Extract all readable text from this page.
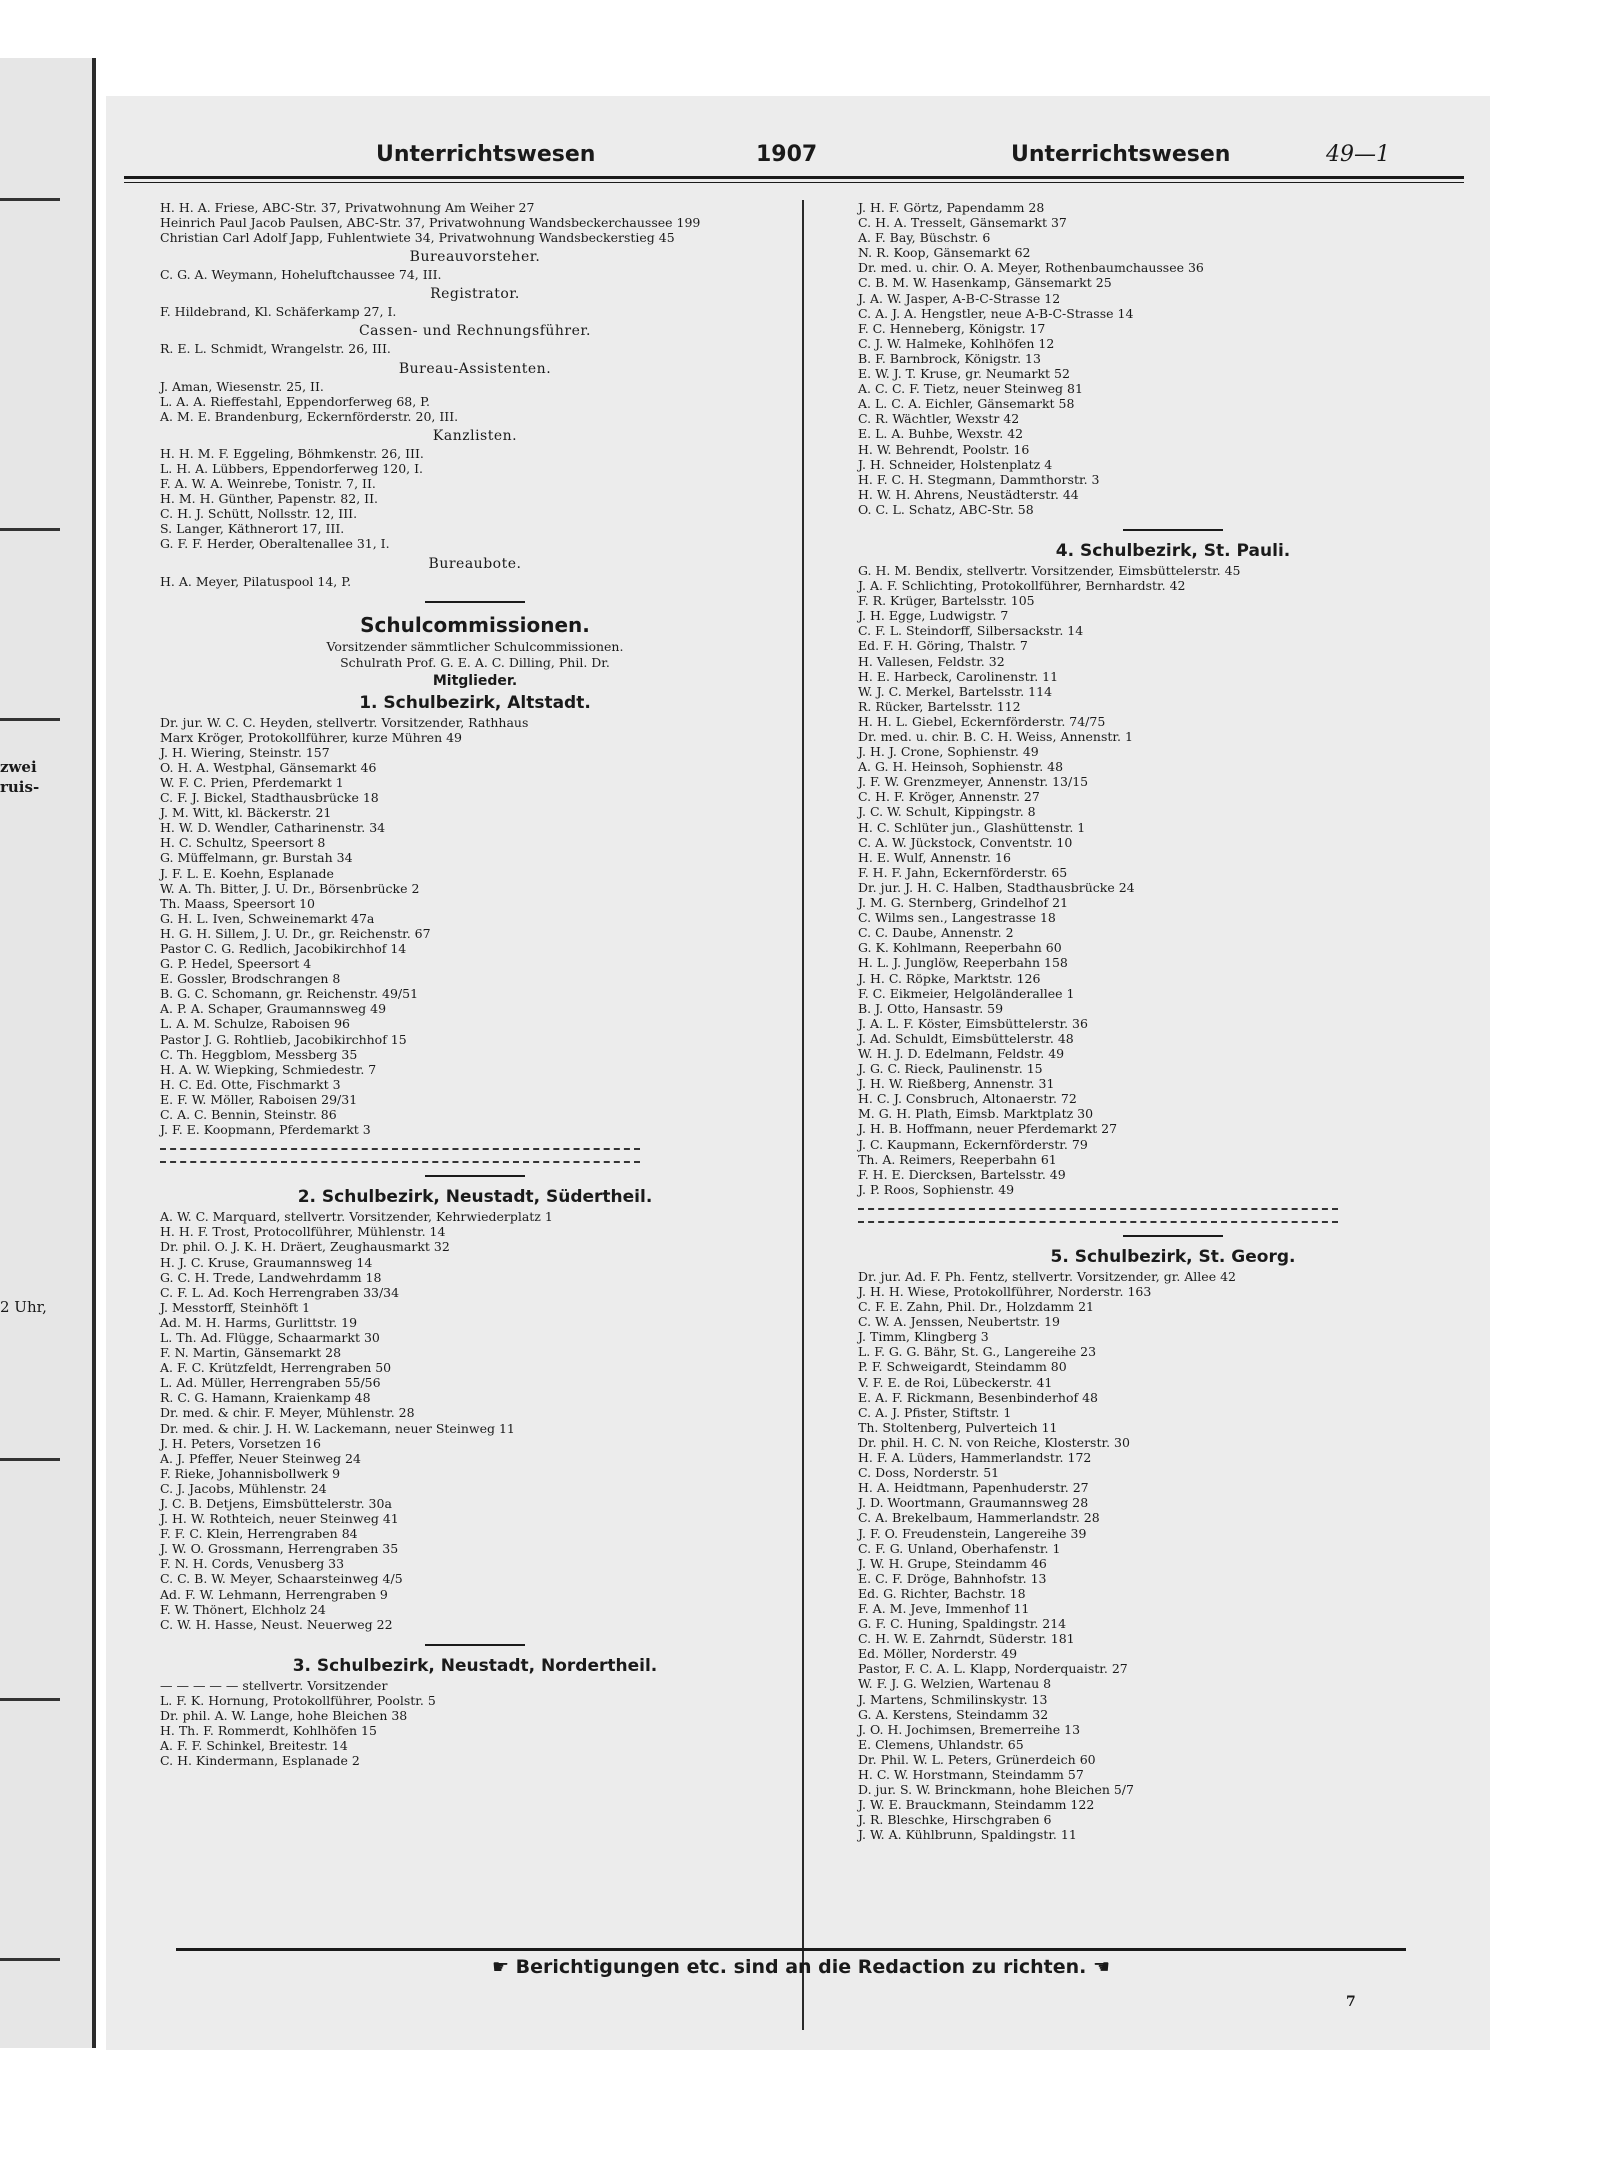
zwei
ruis-
2 Uhr,
Unterrichtswesen	1907	Unterrichtswesen	49—1

H. H. A. Friese, ABC-Str. 37, Privatwohnung Am Weiher 27

Heinrich Paul Jacob Paulsen, ABC-Str. 37, Privatwohnung Wandsbeckerchaussee 199

Christian Carl Adolf Japp, Fuhlentwiete 34, Privatwohnung Wandsbeckerstieg 45

Bureauvorsteher.

C. G. A. Weymann, Hoheluftchaussee 74, III.

Registrator.

F. Hildebrand, Kl. Schäferkamp 27, I.

Cassen- und Rechnungsführer.

R. E. L. Schmidt, Wrangelstr. 26, III.

Bureau-Assistenten.

J. Aman, Wiesenstr. 25, II.

L. A. A. Rieffestahl, Eppendorferweg 68, P.

A. M. E. Brandenburg, Eckernförderstr. 20, III.

Kanzlisten.

H. H. M. F. Eggeling, Böhmkenstr. 26, III.

L. H. A. Lübbers, Eppendorferweg 120, I.

F. A. W. A. Weinrebe, Tonistr. 7, II.

H. M. H. Günther, Papenstr. 82, II.

C. H. J. Schütt, Nollsstr. 12, III.

S. Langer, Käthnerort 17, III.

G. F. F. Herder, Oberaltenallee 31, I.

Bureaubote.

H. A. Meyer, Pilatuspool 14, P.

Schulcommissionen.
Vorsitzender sämmtlicher Schulcommissionen.
Schulrath Prof. G. E. A. C. Dilling, Phil. Dr.
Mitglieder.
1. Schulbezirk, Altstadt.

Dr. jur. W. C. C. Heyden, stellvertr. Vorsitzender, Rathhaus

Marx Kröger, Protokollführer, kurze Mühren 49

J. H. Wiering, Steinstr. 157

O. H. A. Westphal, Gänsemarkt 46

W. F. C. Prien, Pferdemarkt 1

C. F. J. Bickel, Stadthausbrücke 18

J. M. Witt, kl. Bäckerstr. 21

H. W. D. Wendler, Catharinenstr. 34

H. C. Schultz, Speersort 8

G. Müffelmann, gr. Burstah 34

J. F. L. E. Koehn, Esplanade

W. A. Th. Bitter, J. U. Dr., Börsenbrücke 2

Th. Maass, Speersort 10

G. H. L. Iven, Schweinemarkt 47a

H. G. H. Sillem, J. U. Dr., gr. Reichenstr. 67

Pastor C. G. Redlich, Jacobikirchhof 14

G. P. Hedel, Speersort 4

E. Gossler, Brodschrangen 8

B. G. C. Schomann, gr. Reichenstr. 49/51

A. P. A. Schaper, Graumannsweg 49

L. A. M. Schulze, Raboisen 96

Pastor J. G. Rohtlieb, Jacobikirchhof 15

C. Th. Heggblom, Messberg 35

H. A. W. Wiepking, Schmiedestr. 7

H. C. Ed. Otte, Fischmarkt 3

E. F. W. Möller, Raboisen 29/31

C. A. C. Bennin, Steinstr. 86

J. F. E. Koopmann, Pferdemarkt 3

2. Schulbezirk, Neustadt, Südertheil.

A. W. C. Marquard, stellvertr. Vorsitzender, Kehrwiederplatz 1

H. H. F. Trost, Protocollführer, Mühlenstr. 14

Dr. phil. O. J. K. H. Dräert, Zeughausmarkt 32

H. J. C. Kruse, Graumannsweg 14

G. C. H. Trede, Landwehrdamm 18

C. F. L. Ad. Koch Herrengraben 33/34

J. Messtorff, Steinhöft 1

Ad. M. H. Harms, Gurlittstr. 19

L. Th. Ad. Flügge, Schaarmarkt 30

F. N. Martin, Gänsemarkt 28

A. F. C. Krützfeldt, Herrengraben 50

L. Ad. Müller, Herrengraben 55/56

R. C. G. Hamann, Kraienkamp 48

Dr. med. & chir. F. Meyer, Mühlenstr. 28

Dr. med. & chir. J. H. W. Lackemann, neuer Steinweg 11

J. H. Peters, Vorsetzen 16

A. J. Pfeffer, Neuer Steinweg 24

F. Rieke, Johannisbollwerk 9

C. J. Jacobs, Mühlenstr. 24

J. C. B. Detjens, Eimsbüttelerstr. 30a

J. H. W. Rothteich, neuer Steinweg 41

F. F. C. Klein, Herrengraben 84

J. W. O. Grossmann, Herrengraben 35

F. N. H. Cords, Venusberg 33

C. C. B. W. Meyer, Schaarsteinweg 4/5

Ad. F. W. Lehmann, Herrengraben 9

F. W. Thönert, Elchholz 24

C. W. H. Hasse, Neust. Neuerweg 22

3. Schulbezirk, Neustadt, Nordertheil.

— — — — — stellvertr. Vorsitzender

L. F. K. Hornung, Protokollführer, Poolstr. 5

Dr. phil. A. W. Lange, hohe Bleichen 38

H. Th. F. Rommerdt, Kohlhöfen 15

A. F. F. Schinkel, Breitestr. 14

C. H. Kindermann, Esplanade 2

J. H. F. Görtz, Papendamm 28

C. H. A. Tresselt, Gänsemarkt 37

A. F. Bay, Büschstr. 6

N. R. Koop, Gänsemarkt 62

Dr. med. u. chir. O. A. Meyer, Rothenbaumchaussee 36

C. B. M. W. Hasenkamp, Gänsemarkt 25

J. A. W. Jasper, A-B-C-Strasse 12

C. A. J. A. Hengstler, neue A-B-C-Strasse 14

F. C. Henneberg, Königstr. 17

C. J. W. Halmeke, Kohlhöfen 12

B. F. Barnbrock, Königstr. 13

E. W. J. T. Kruse, gr. Neumarkt 52

A. C. C. F. Tietz, neuer Steinweg 81

A. L. C. A. Eichler, Gänsemarkt 58

C. R. Wächtler, Wexstr 42

E. L. A. Buhbe, Wexstr. 42

H. W. Behrendt, Poolstr. 16

J. H. Schneider, Holstenplatz 4

H. F. C. H. Stegmann, Dammthorstr. 3

H. W. H. Ahrens, Neustädterstr. 44

O. C. L. Schatz, ABC-Str. 58

4. Schulbezirk, St. Pauli.

G. H. M. Bendix, stellvertr. Vorsitzender, Eimsbüttelerstr. 45

J. A. F. Schlichting, Protokollführer, Bernhardstr. 42

F. R. Krüger, Bartelsstr. 105

J. H. Egge, Ludwigstr. 7

C. F. L. Steindorff, Silbersackstr. 14

Ed. F. H. Göring, Thalstr. 7

H. Vallesen, Feldstr. 32

H. E. Harbeck, Carolinenstr. 11

W. J. C. Merkel, Bartelsstr. 114

R. Rücker, Bartelsstr. 112

H. H. L. Giebel, Eckernförderstr. 74/75

Dr. med. u. chir. B. C. H. Weiss, Annenstr. 1

J. H. J. Crone, Sophienstr. 49

A. G. H. Heinsoh, Sophienstr. 48

J. F. W. Grenzmeyer, Annenstr. 13/15

C. H. F. Kröger, Annenstr. 27

J. C. W. Schult, Kippingstr. 8

H. C. Schlüter jun., Glashüttenstr. 1

C. A. W. Jückstock, Conventstr. 10

H. E. Wulf, Annenstr. 16

F. H. F. Jahn, Eckernförderstr. 65

Dr. jur. J. H. C. Halben, Stadthausbrücke 24

J. M. G. Sternberg, Grindelhof 21

C. Wilms sen., Langestrasse 18

C. C. Daube, Annenstr. 2

G. K. Kohlmann, Reeperbahn 60

H. L. J. Junglöw, Reeperbahn 158

J. H. C. Röpke, Marktstr. 126

F. C. Eikmeier, Helgoländerallee 1

B. J. Otto, Hansastr. 59

J. A. L. F. Köster, Eimsbüttelerstr. 36

J. Ad. Schuldt, Eimsbüttelerstr. 48

W. H. J. D. Edelmann, Feldstr. 49

J. G. C. Rieck, Paulinenstr. 15

J. H. W. Rießberg, Annenstr. 31

H. C. J. Consbruch, Altonaerstr. 72

M. G. H. Plath, Eimsb. Marktplatz 30

J. H. B. Hoffmann, neuer Pferdemarkt 27

J. C. Kaupmann, Eckernförderstr. 79

Th. A. Reimers, Reeperbahn 61

F. H. E. Diercksen, Bartelsstr. 49

J. P. Roos, Sophienstr. 49

5. Schulbezirk, St. Georg.

Dr. jur. Ad. F. Ph. Fentz, stellvertr. Vorsitzender, gr. Allee 42

J. H. H. Wiese, Protokollführer, Norderstr. 163

C. F. E. Zahn, Phil. Dr., Holzdamm 21

C. W. A. Jenssen, Neubertstr. 19

J. Timm, Klingberg 3

L. F. G. G. Bähr, St. G., Langereihe 23

P. F. Schweigardt, Steindamm 80

V. F. E. de Roi, Lübeckerstr. 41

E. A. F. Rickmann, Besenbinderhof 48

C. A. J. Pfister, Stiftstr. 1

Th. Stoltenberg, Pulverteich 11

Dr. phil. H. C. N. von Reiche, Klosterstr. 30

H. F. A. Lüders, Hammerlandstr. 172

C. Doss, Norderstr. 51

H. A. Heidtmann, Papenhuderstr. 27

J. D. Woortmann, Graumannsweg 28

C. A. Brekelbaum, Hammerlandstr. 28

J. F. O. Freudenstein, Langereihe 39

C. F. G. Unland, Oberhafenstr. 1

J. W. H. Grupe, Steindamm 46

E. C. F. Dröge, Bahnhofstr. 13

Ed. G. Richter, Bachstr. 18

F. A. M. Jeve, Immenhof 11

G. F. C. Huning, Spaldingstr. 214

C. H. W. E. Zahrndt, Süderstr. 181

Ed. Möller, Norderstr. 49

Pastor, F. C. A. L. Klapp, Norderquaistr. 27

W. F. J. G. Welzien, Wartenau 8

J. Martens, Schmilinskystr. 13

G. A. Kerstens, Steindamm 32

J. O. H. Jochimsen, Bremerreihe 13

E. Clemens, Uhlandstr. 65

Dr. Phil. W. L. Peters, Grünerdeich 60

H. C. W. Horstmann, Steindamm 57

D. jur. S. W. Brinckmann, hohe Bleichen 5/7

J. W. E. Brauckmann, Steindamm 122

J. R. Bleschke, Hirschgraben 6

J. W. A. Kühlbrunn, Spaldingstr. 11

☛ Berichtigungen etc. sind an die Redaction zu richten. ☚
7
